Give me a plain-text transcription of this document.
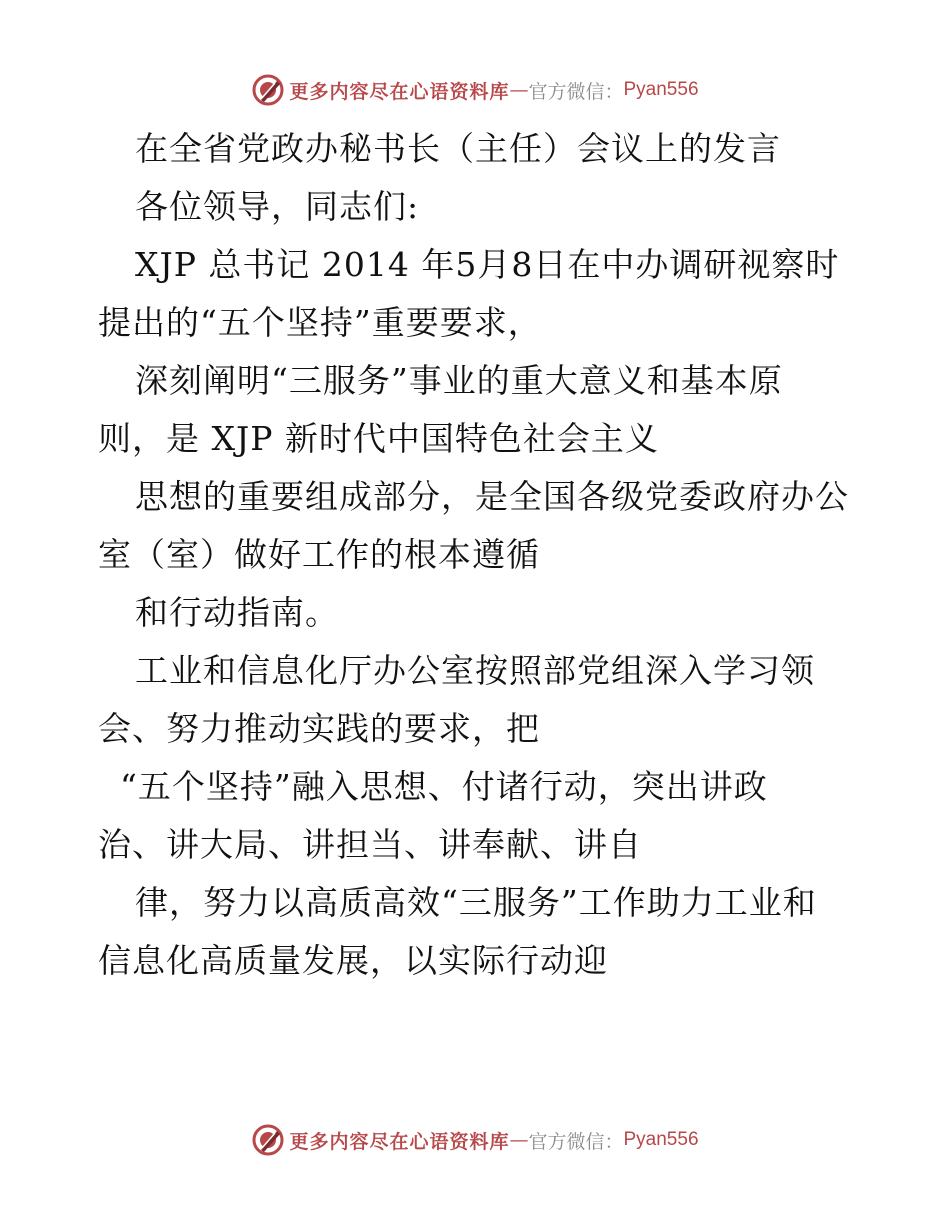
更多内容尽在心语资料库 — 官方微信： Pyan556
在全省党政办秘书长（主任）会议上的发言
各位领导，同志们:
XJP 总书记 2014 年5月8日在中办调研视察时
提出的“五个坚持”重要要求，
深刻阐明“三服务”事业的重大意义和基本原
则，是 XJP 新时代中国特色社会主义
思想的重要组成部分，是全国各级党委政府办公
室（室）做好工作的根本遵循
和行动指南。
工业和信息化厅办公室按照部党组深入学习领
会、努力推动实践的要求，把
“五个坚持”融入思想、付诸行动，突出讲政
治、讲大局、讲担当、讲奉献、讲自
律，努力以高质高效“三服务”工作助力工业和
信息化高质量发展，以实际行动迎
更多内容尽在心语资料库 — 官方微信： Pyan556
